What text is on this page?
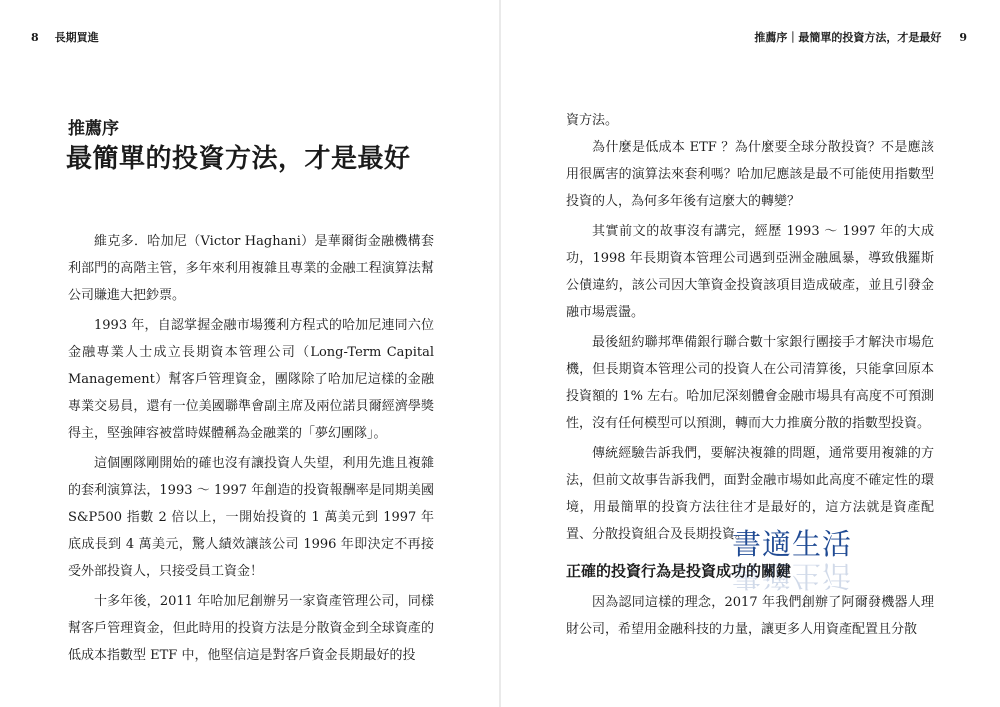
8 長期買進
推薦序
最簡單的投資方法，才是最好

維克多．哈加尼（Victor Haghani）是華爾街金融機構套利部門的高階主管，多年來利用複雜且專業的金融工程演算法幫公司賺進大把鈔票。

1993 年，自認掌握金融市場獲利方程式的哈加尼連同六位金融專業人士成立長期資本管理公司（Long-Term Capital Management）幫客戶管理資金，團隊除了哈加尼這樣的金融專業交易員，還有一位美國聯準會副主席及兩位諾貝爾經濟學獎得主，堅強陣容被當時媒體稱為金融業的「夢幻團隊」。

這個團隊剛開始的確也沒有讓投資人失望，利用先進且複雜的套利演算法，1993 ～ 1997 年創造的投資報酬率是同期美國 S&P500 指數 2 倍以上，一開始投資的 1 萬美元到 1997 年底成長到 4 萬美元，驚人績效讓該公司 1996 年即決定不再接受外部投資人，只接受員工資金！

十多年後，2011 年哈加尼創辦另一家資產管理公司，同樣幫客戶管理資金，但此時用的投資方法是分散資金到全球資產的低成本指數型 ETF 中，他堅信這是對客戶資金長期最好的投

推薦序｜最簡單的投資方法，才是最好 9

資方法。

為什麼是低成本 ETF ？為什麼要全球分散投資？不是應該用很厲害的演算法來套利嗎？哈加尼應該是最不可能使用指數型投資的人，為何多年後有這麼大的轉變？

其實前文的故事沒有講完，經歷 1993 ～ 1997 年的大成功，1998 年長期資本管理公司遇到亞洲金融風暴，導致俄羅斯公債違約，該公司因大筆資金投資該項目造成破產，並且引發金融市場震盪。

最後紐約聯邦準備銀行聯合數十家銀行團接手才解決市場危機，但長期資本管理公司的投資人在公司清算後，只能拿回原本投資額的 1% 左右。哈加尼深刻體會金融市場具有高度不可預測性，沒有任何模型可以預測，轉而大力推廣分散的指數型投資。

傳統經驗告訴我們，要解決複雜的問題，通常要用複雜的方法，但前文故事告訴我們，面對金融市場如此高度不確定性的環境，用最簡單的投資方法往往才是最好的，這方法就是資產配置、分散投資組合及長期投資。

正確的投資行為是投資成功的關鍵

因為認同這樣的理念，2017 年我們創辦了阿爾發機器人理財公司，希望用金融科技的力量，讓更多人用資產配置且分散

書適生活
書適生活
